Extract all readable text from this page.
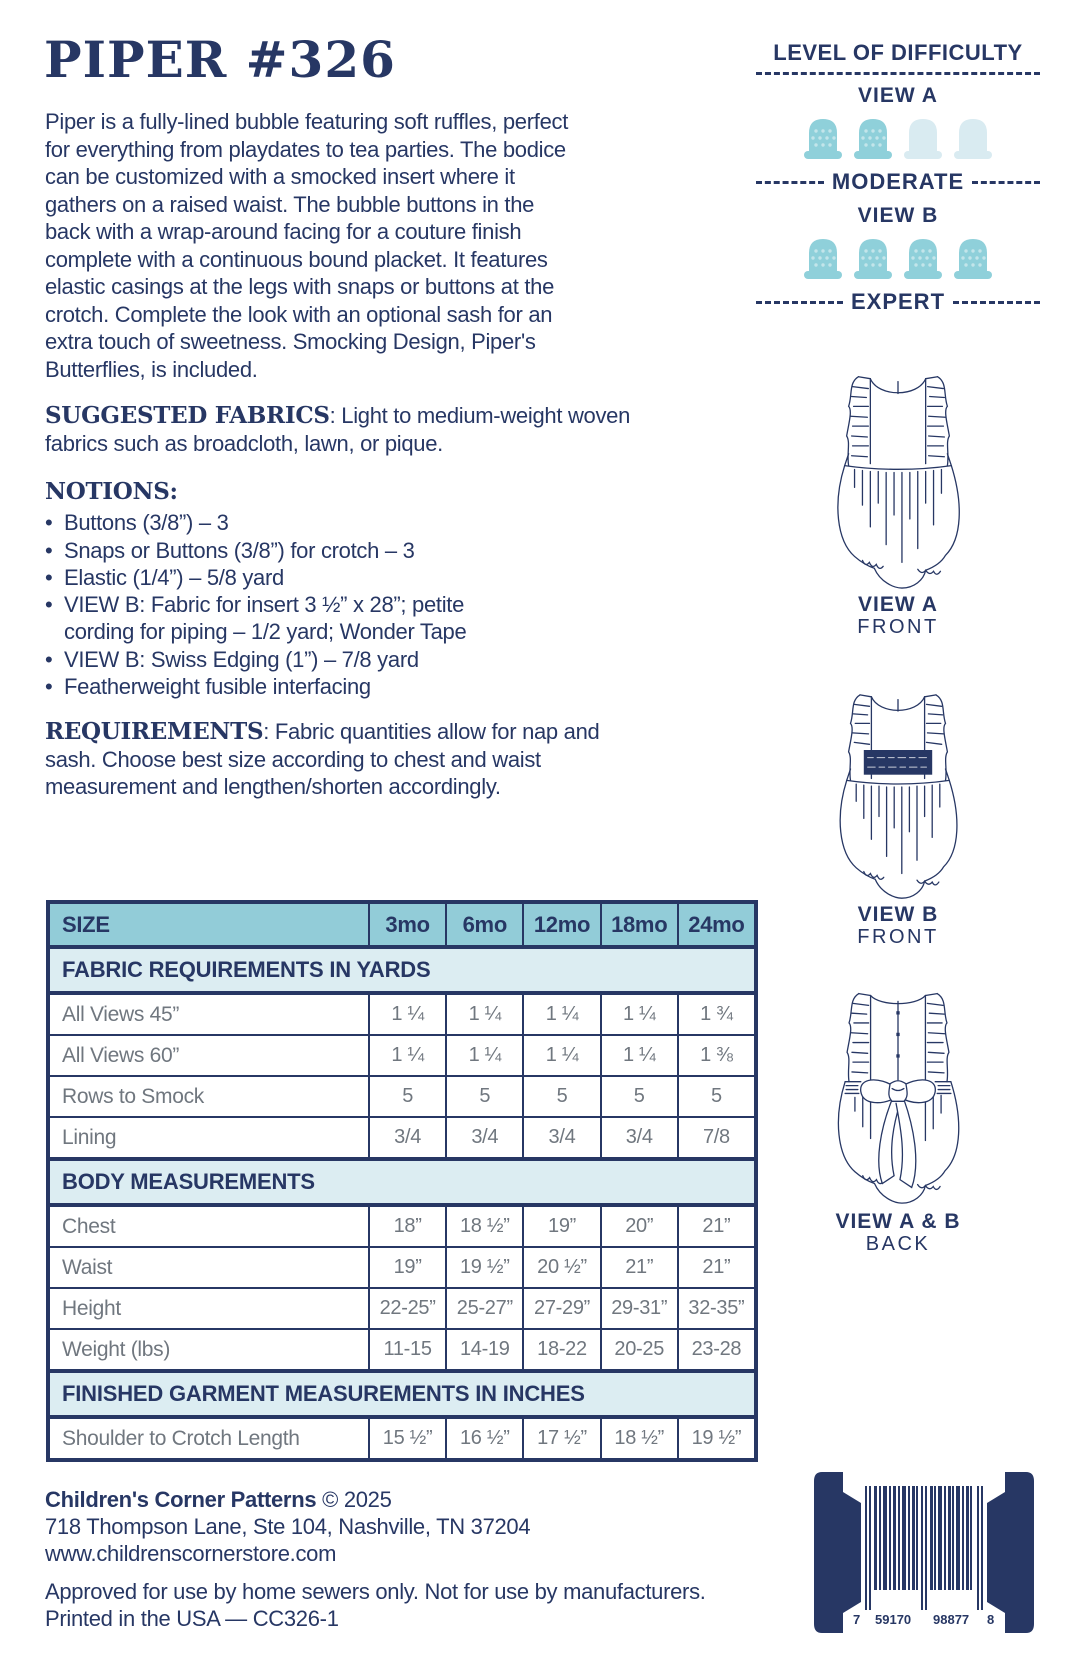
PIPER #326
Piper is a fully-lined bubble featuring soft ruffles, perfect
for everything from playdates to tea parties. The bodice
can be customized with a smocked insert where it
gathers on a raised waist. The bubble buttons in the
back with a wrap-around facing for a couture finish
complete with a continuous bound placket. It features
elastic casings at the legs with snaps or buttons at the
crotch. Complete the look with an optional sash for an
extra touch of sweetness. Smocking Design, Piper's
Butterflies, is included.
SUGGESTED FABRICS: Light to medium-weight woven
fabrics such as broadcloth, lawn, or pique.
NOTIONS:
• Buttons (3/8”) – 3
• Snaps or Buttons (3/8”) for crotch – 3
• Elastic (1/4”) – 5/8 yard
• VIEW B: Fabric for insert 3 ½” x 28”; petite
cording for piping – 1/2 yard; Wonder Tape
• VIEW B: Swiss Edging (1”) – 7/8 yard
• Featherweight fusible interfacing
REQUIREMENTS: Fabric quantities allow for nap and
sash. Choose best size according to chest and waist
measurement and lengthen/shorten accordingly.
SIZE	3mo	6mo	12mo 18mo 24mo
FABRIC REQUIREMENTS IN YARDS
All Views 45”	1 ¼	1 ¼	1 ¼	1 ¼	1 ¾
All Views 60”	1 ¼	1 ¼	1 ¼	1 ¼	1 ⅜
Rows to Smock	5	5	5	5	5
Lining	3/4	3/4	3/4	3/4	7/8
BODY MEASUREMENTS
Chest	18”	18 ½”	19”	20”	21”
Waist	19”	19 ½”	20 ½”	21”	21”
Height	22-25”	25-27”	27-29”	29-31”	32-35”
Weight (lbs)	11-15	14-19	18-22	20-25	23-28
FINISHED GARMENT MEASUREMENTS IN INCHES
Shoulder to Crotch Length	15 ½”	16 ½”	17 ½”	18 ½”	19 ½”
Children's Corner Patterns © 2025
718 Thompson Lane, Ste 104, Nashville, TN 37204
www.childrenscornerstore.com
Approved for use by home sewers only. Not for use by manufacturers.
Printed in the USA — CC326-1
LEVEL OF DIFFICULTY
VIEW A
MODERATE
VIEW B
EXPERT
VIEW A
FRONT
VIEW B
FRONT
VIEW A & B
BACK
7 59170 98877 8
